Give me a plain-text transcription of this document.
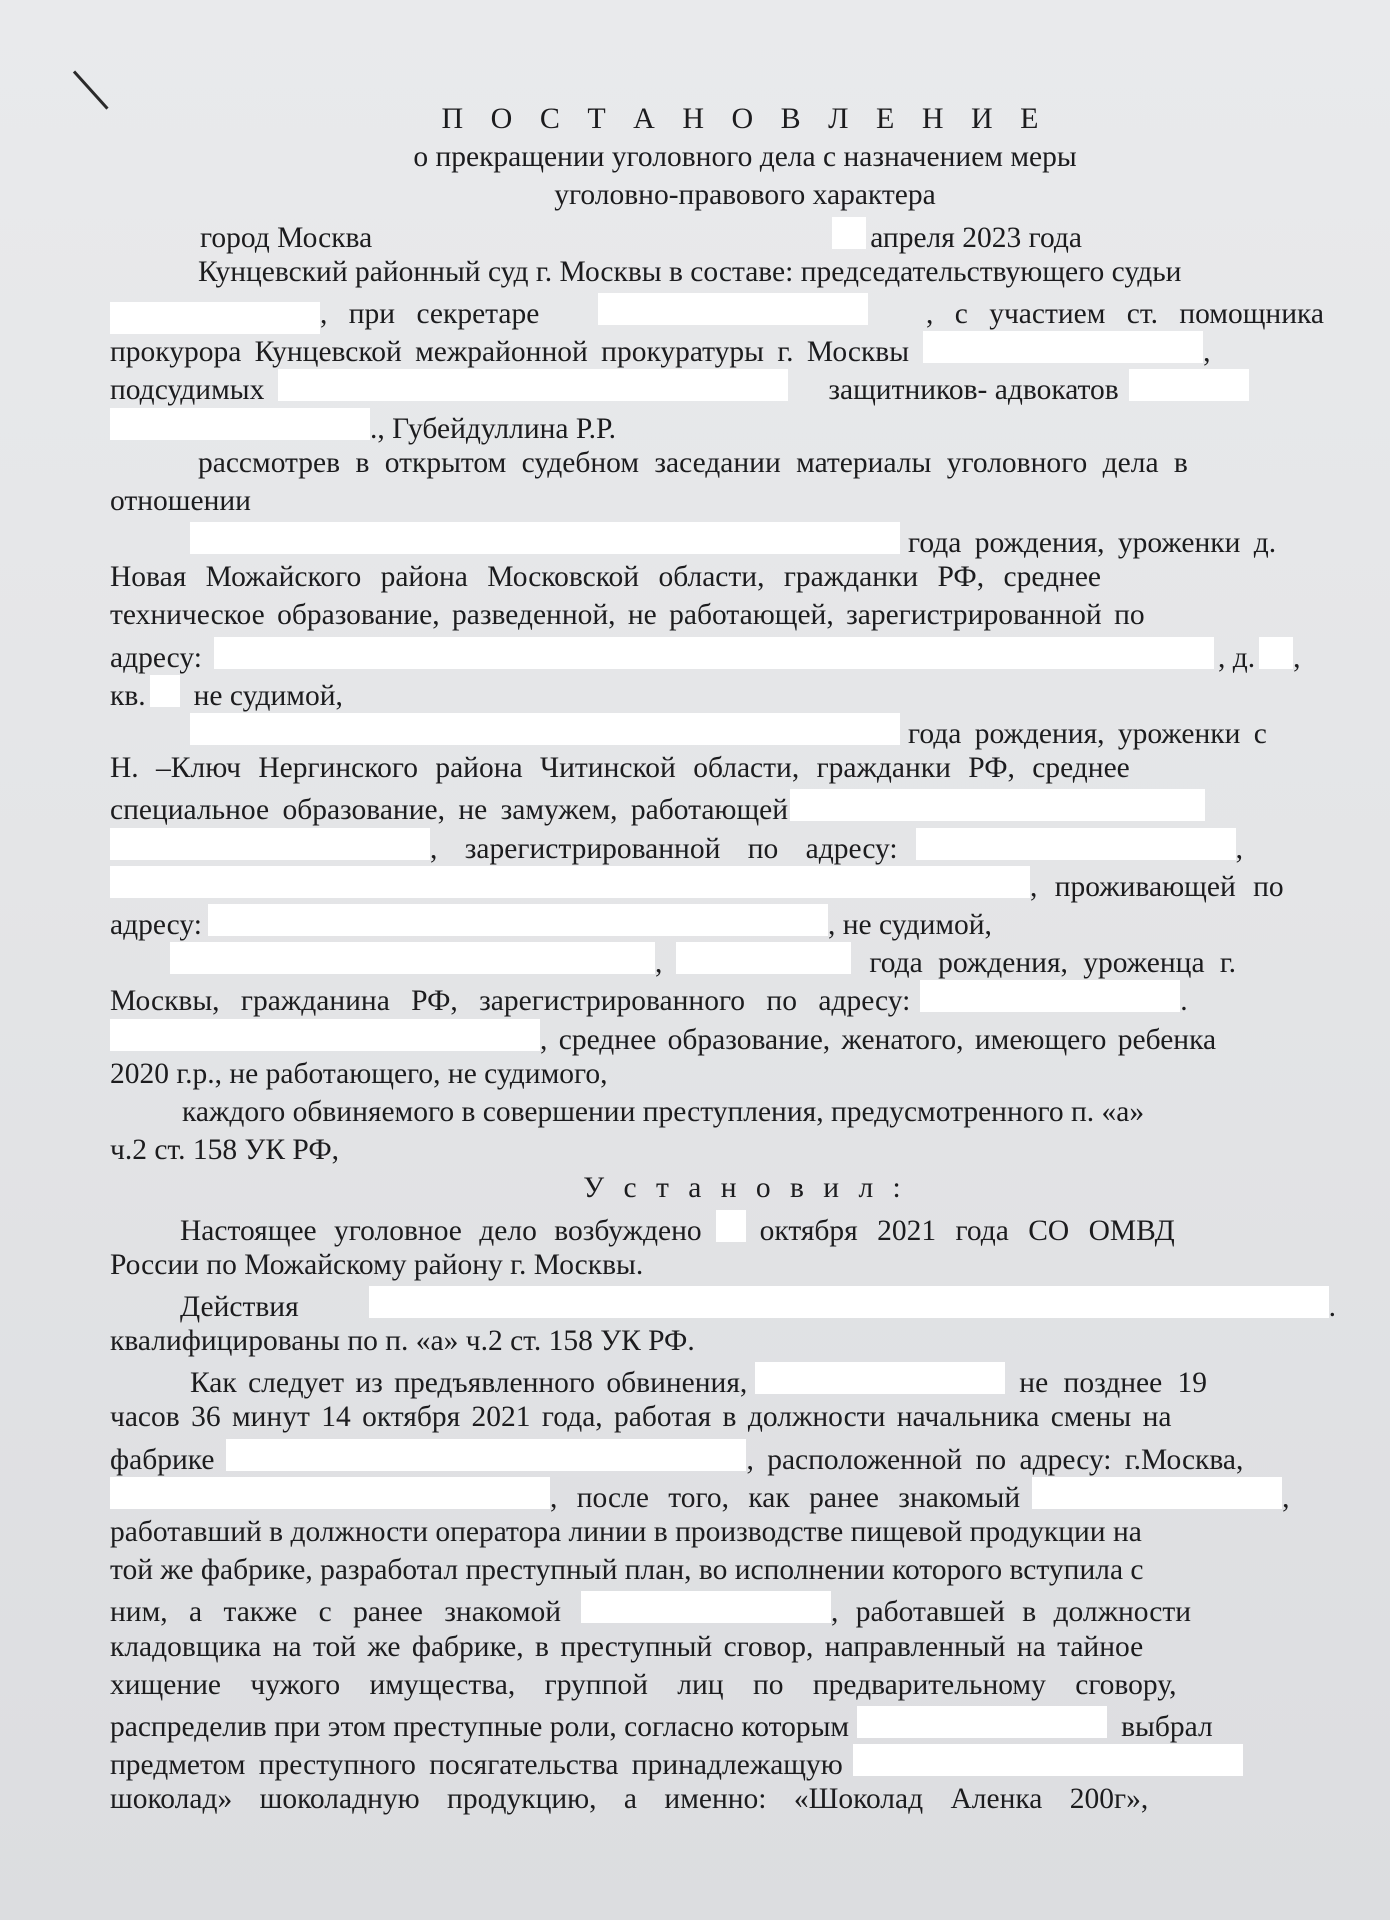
П О С Т А Н О В Л Е Н И Е
о прекращении уголовного дела с назначением меры
уголовно-правового характера
город Москва	апреля 2023 года
Кунцевский районный суд г. Москвы в составе: председательствующего судьи
, при секретаре	, с участием ст. помощника
прокурора Кунцевской межрайонной прокуратуры г. Москвы	,
подсудимых	защитников- адвокатов
., Губейдуллина Р.Р.
рассмотрев в открытом судебном заседании материалы уголовного дела в
отношении
года рождения, уроженки д.
Новая Можайского района Московской области, гражданки РФ, среднее
техническое образование, разведенной, не работающей, зарегистрированной по
адресу:	, д. ,
кв. не судимой,
года рождения, уроженки с
Н. –Ключ Нергинского района Читинской области, гражданки РФ, среднее
специальное образование, не замужем, работающей
, зарегистрированной по адресу:	,
, проживающей по
адресу:	, не судимой,
,	года рождения, уроженца г.
Москвы, гражданина РФ, зарегистрированного по адресу:	.
, среднее образование, женатого, имеющего ребенка
2020 г.р., не работающего, не судимого,
каждого обвиняемого в совершении преступления, предусмотренного п. «а»
ч.2 ст. 158 УК РФ,
У с т а н о в и л :
Настоящее уголовное дело возбуждено октября 2021 года СО ОМВД
России по Можайскому району г. Москвы.
Действия	.
квалифицированы по п. «а» ч.2 ст. 158 УК РФ.
Как следует из предъявленного обвинения,	не позднее 19
часов 36 минут 14 октября 2021 года, работая в должности начальника смены на
фабрике	, расположенной по адресу: г.Москва,
, после того, как ранее знакомый	,
работавший в должности оператора линии в производстве пищевой продукции на
той же фабрике, разработал преступный план, во исполнении которого вступила с
ним, а также с ранее знакомой	, работавшей в должности
кладовщика на той же фабрике, в преступный сговор, направленный на тайное
хищение чужого имущества, группой лиц по предварительному сговору,
распределив при этом преступные роли, согласно которым	выбрал
предметом преступного посягательства принадлежащую
шоколад» шоколадную продукцию, а именно: «Шоколад Аленка 200г»,
